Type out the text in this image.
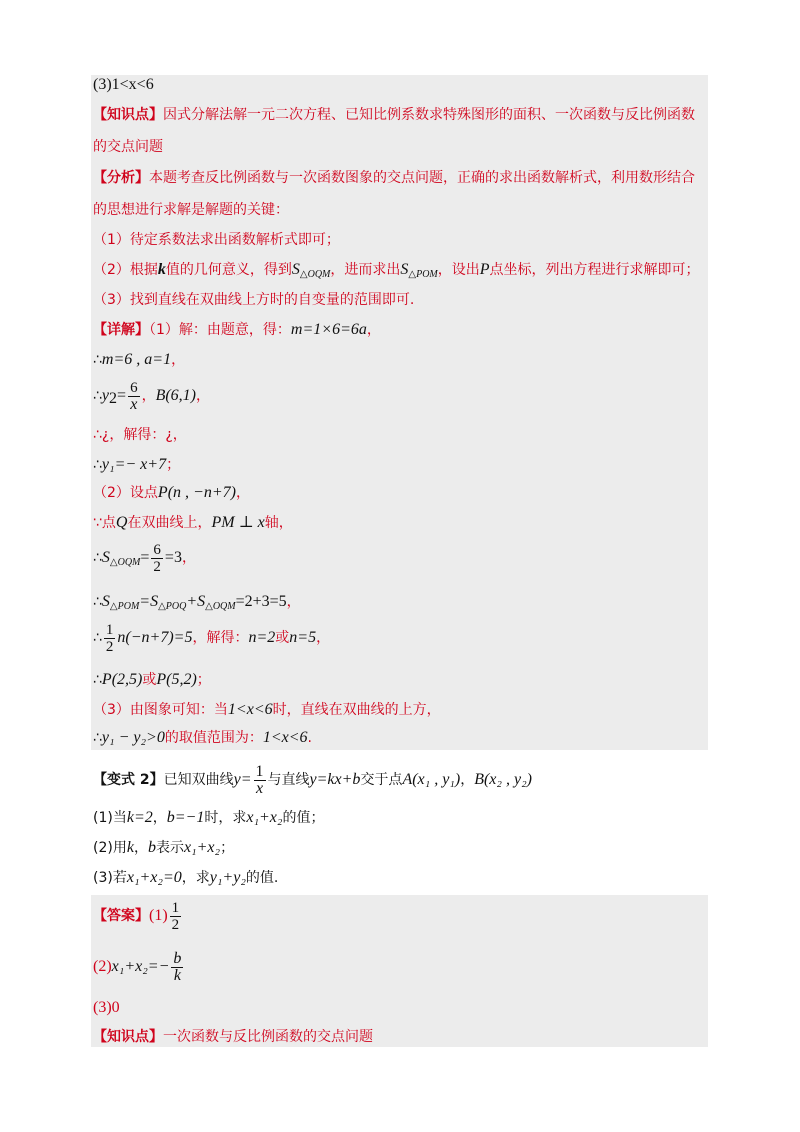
(3)1<x<6
【知识点】因式分解法解一元二次方程、已知比例系数求特殊图形的面积、一次函数与反比例函数
的交点问题
【分析】本题考查反比例函数与一次函数图象的交点问题，正确的求出函数解析式，利用数形结合
的思想进行求解是解题的关键：
（1）待定系数法求出函数解析式即可；
（2）根据k值的几何意义，得到$S_{\triangle OQM}$，进而求出$S_{\triangle POM}$，设出P点坐标，列出方程进行求解即可；
（3）找到直线在双曲线上方时的自变量的范围即可.
【详解】（1）解：由题意，得：m=1×6=6a，
∴m=6 , a=1，
$\therefore y_2= \frac{6}{x}$ ，B(6,1)，
∴¿，解得：¿，
∴y₁=− x+7；
（2）设点P(n , −n+7)，
∵点Q在双曲线上，PM ⊥ x轴，
$\therefore S_{\triangle OQM}= \frac{6}{2} =3$，
$\therefore S_{\triangle POM}=S_{\triangle POQ}+S_{\triangle OQM}=2+3=5$，
∴ $\frac{1}{2} n(-n+7)=5$，解得：n=2或n=5，
∴P(2,5)或P(5,2)；
（3）由图象可知：当1<x<6时，直线在双曲线的上方，
∴y₁ − y₂>0的取值范围为：1<x<6.
【变式 2】已知双曲线$y= \frac{1}{x}$ 与直线y=kx+b交于点A(x₁ , y₁)，B(x₂ , y₂)
(1)当k=2，b=−1时，求x₁+x₂的值；
(2)用k，b表示x₁+x₂；
(3)若x₁+x₂=0，求y₁+y₂的值.
【答案】$(1) \frac{1}{2}$
$(2)x_1+x_2=- \frac{b}{k}$
(3)0
【知识点】一次函数与反比例函数的交点问题
